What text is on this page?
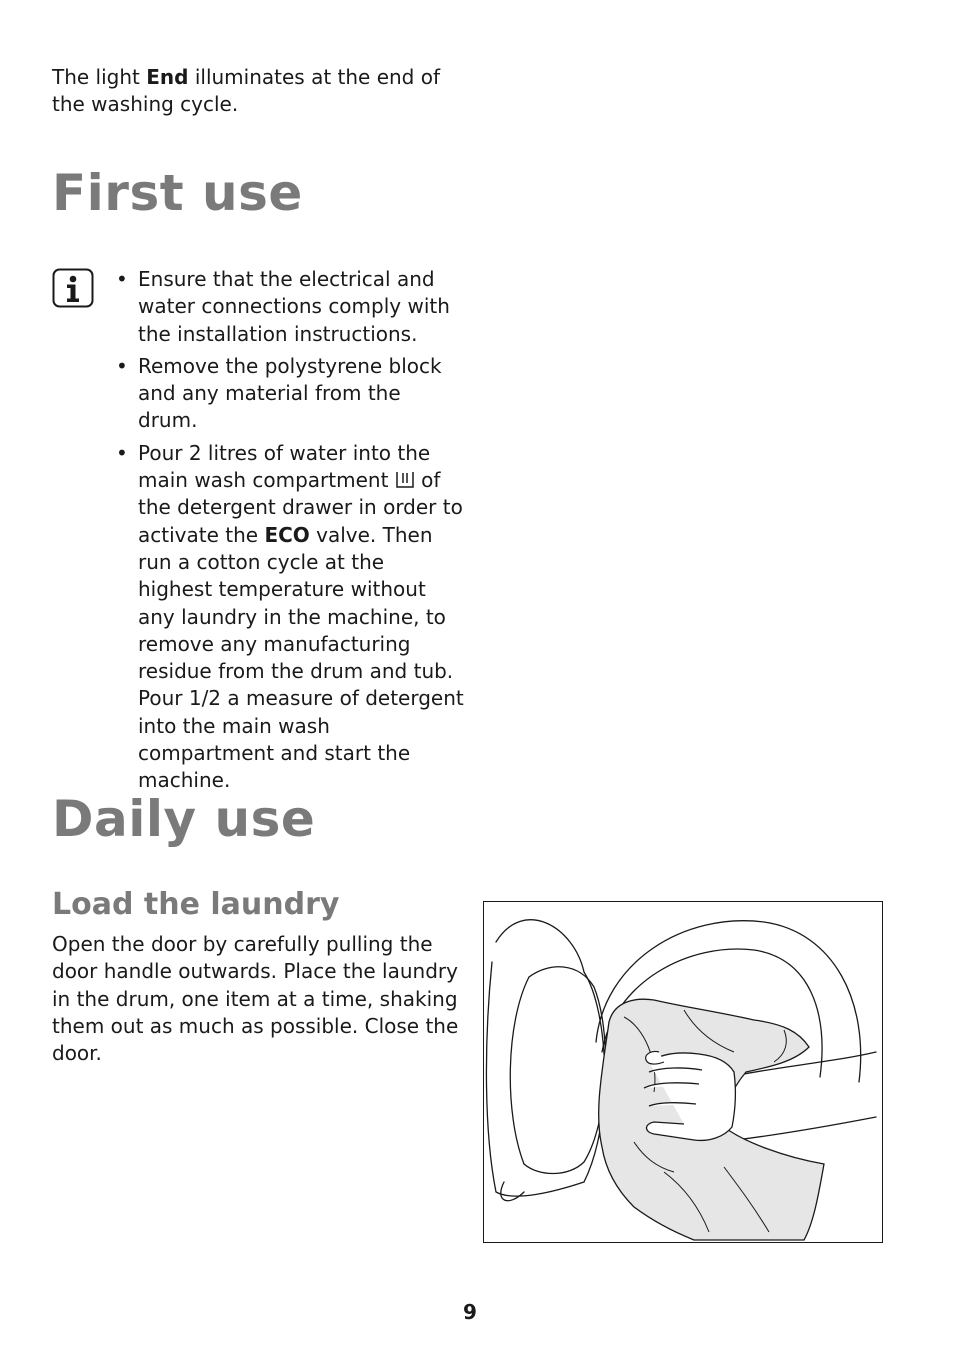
The light End illuminates at the end of the washing cycle.

First use
• Ensure that the electrical and water connections comply with the installation instructions.
• Remove the polystyrene block and any material from the drum.
• Pour 2 litres of water into the main wash compartment  of the detergent drawer in order to activate the ECO valve. Then run a cotton cycle at the highest temperature without any laundry in the machine, to remove any manufacturing residue from the drum and tub. Pour 1/2 a measure of detergent into the main wash compartment and start the machine.
Daily use
Load the laundry

Open the door by carefully pulling the door handle outwards. Place the laundry in the drum, one item at a time, shaking them out as much as possible. Close the door.

9
